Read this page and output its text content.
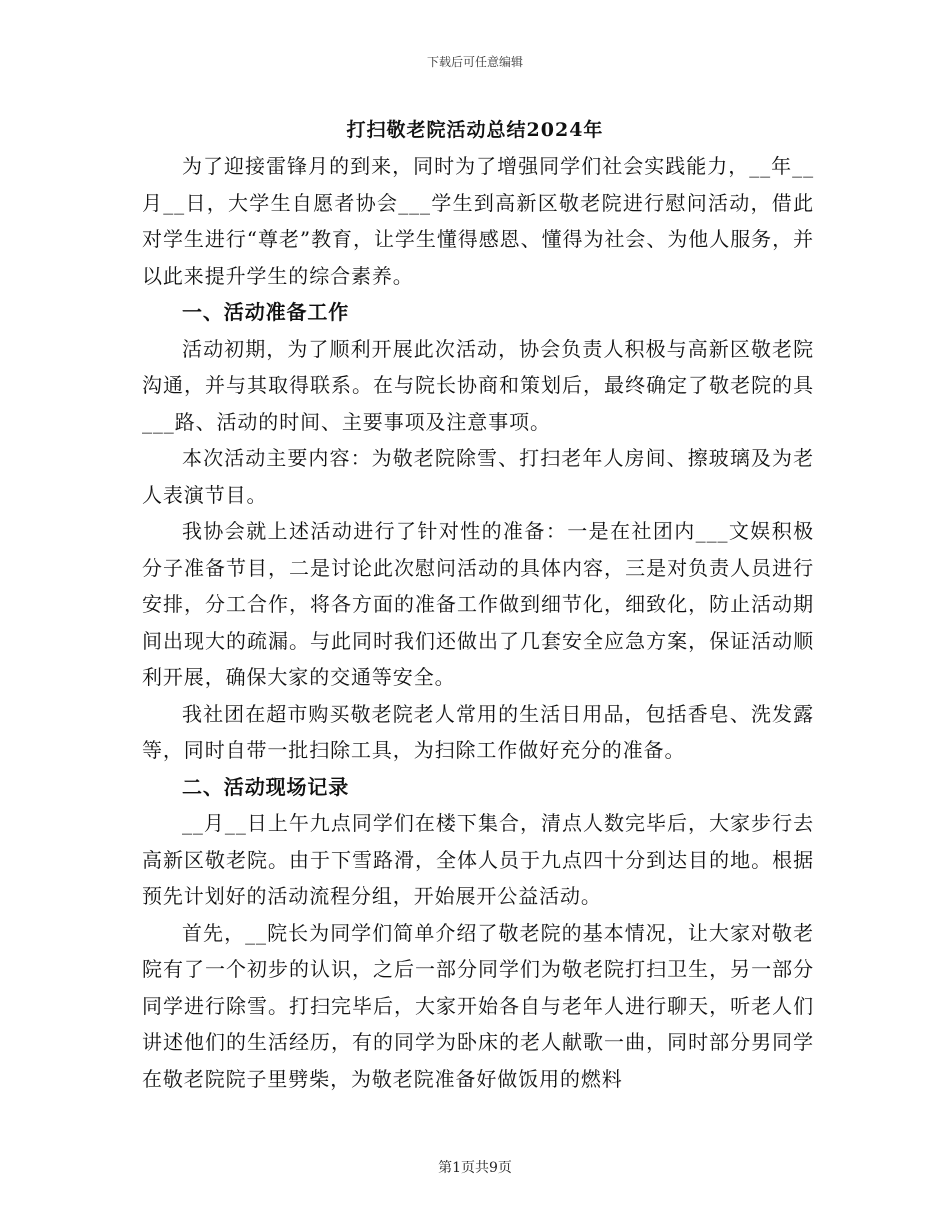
下载后可任意编辑
打扫敬老院活动总结2024年

为了迎接雷锋月的到来，同时为了增强同学们社会实践能力，__年__月__日，大学生自愿者协会___学生到高新区敬老院进行慰问活动，借此对学生进行“尊老”教育，让学生懂得感恩、懂得为社会、为他人服务，并以此来提升学生的综合素养。

一、活动准备工作

活动初期，为了顺利开展此次活动，协会负责人积极与高新区敬老院沟通，并与其取得联系。在与院长协商和策划后，最终确定了敬老院的具___路、活动的时间、主要事项及注意事项。

本次活动主要内容：为敬老院除雪、打扫老年人房间、擦玻璃及为老人表演节目。

我协会就上述活动进行了针对性的准备：一是在社团内___文娱积极分子准备节目，二是讨论此次慰问活动的具体内容，三是对负责人员进行安排，分工合作，将各方面的准备工作做到细节化，细致化，防止活动期间出现大的疏漏。与此同时我们还做出了几套安全应急方案，保证活动顺利开展，确保大家的交通等安全。

我社团在超市购买敬老院老人常用的生活日用品，包括香皂、洗发露等，同时自带一批扫除工具，为扫除工作做好充分的准备。

二、活动现场记录

__月__日上午九点同学们在楼下集合，清点人数完毕后，大家步行去高新区敬老院。由于下雪路滑，全体人员于九点四十分到达目的地。根据预先计划好的活动流程分组，开始展开公益活动。

首先，__院长为同学们简单介绍了敬老院的基本情况，让大家对敬老院有了一个初步的认识，之后一部分同学们为敬老院打扫卫生，另一部分同学进行除雪。打扫完毕后，大家开始各自与老年人进行聊天，听老人们讲述他们的生活经历，有的同学为卧床的老人献歌一曲，同时部分男同学在敬老院院子里劈柴，为敬老院准备好做饭用的燃料

第1页共9页
